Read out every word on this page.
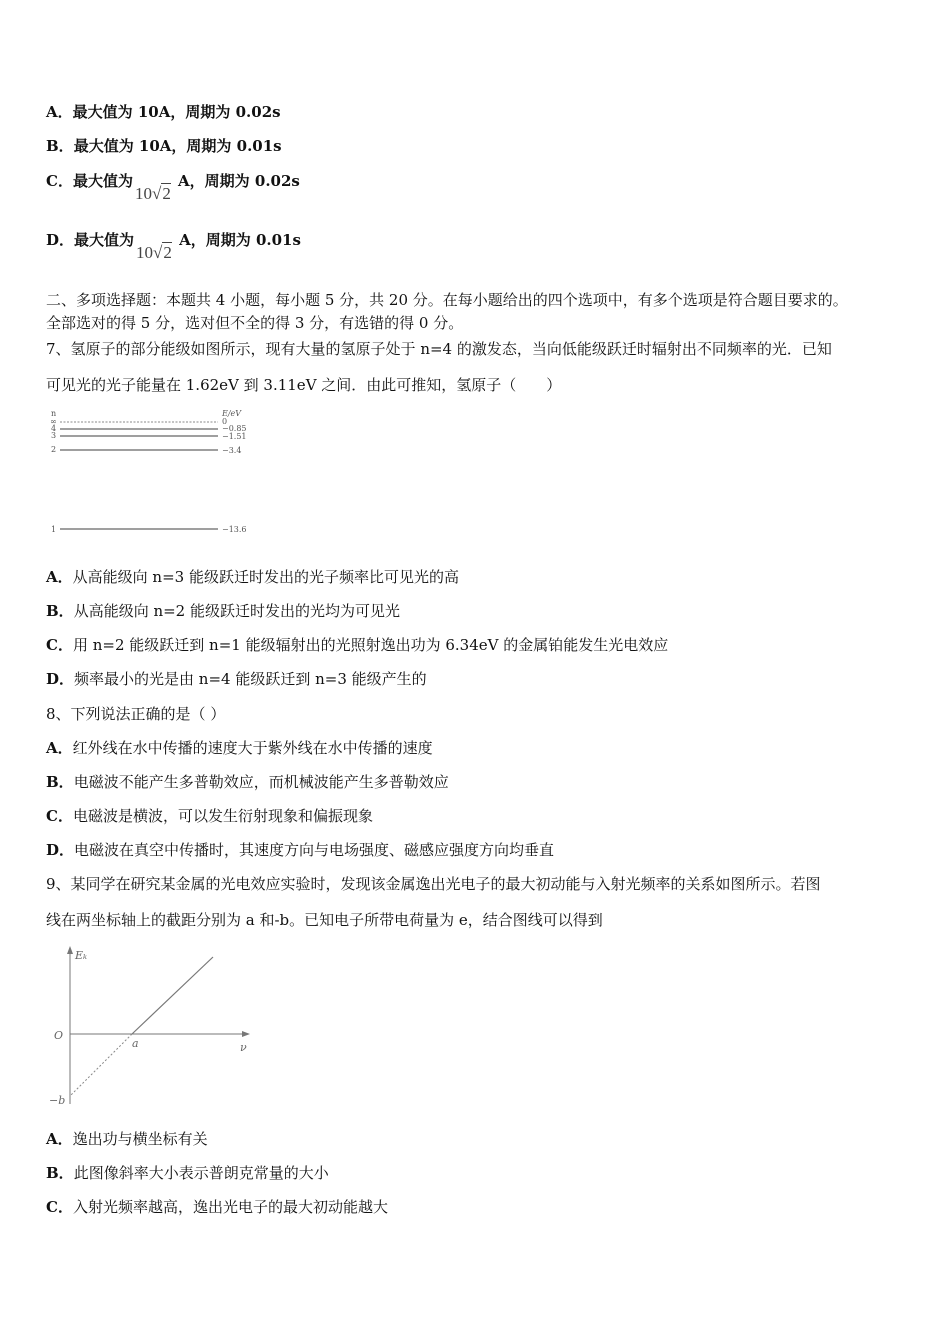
A．最大值为 10A，周期为 0.02s
B．最大值为 10A，周期为 0.01s
C．最大值为10√2 A，周期为 0.02s
D．最大值为10√2 A，周期为 0.01s
二、多项选择题：本题共 4 小题，每小题 5 分，共 20 分。在每小题给出的四个选项中，有多个选项是符合题目要求的。
全部选对的得 5 分，选对但不全的得 3 分，有选错的得 0 分。
7、氢原子的部分能级如图所示，现有大量的氢原子处于 n=4 的激发态，当向低能级跃迁时辐射出不同频率的光．已知
可见光的光子能量在 1.62eV 到 3.11eV 之间．由此可推知，氢原子（　　）
n	E/eV
∞	0
4	−0.85
3	−1.51
2	−3.4
1	−13.6
A．从高能级向 n=3 能级跃迁时发出的光子频率比可见光的高
B．从高能级向 n=2 能级跃迁时发出的光均为可见光
C．用 n=2 能级跃迁到 n=1 能级辐射出的光照射逸出功为 6.34eV 的金属铂能发生光电效应
D．频率最小的光是由 n=4 能级跃迁到 n=3 能级产生的
8、下列说法正确的是（ ）
A．红外线在水中传播的速度大于紫外线在水中传播的速度
B．电磁波不能产生多普勒效应，而机械波能产生多普勒效应
C．电磁波是横波，可以发生衍射现象和偏振现象
D．电磁波在真空中传播时，其速度方向与电场强度、磁感应强度方向均垂直
9、某同学在研究某金属的光电效应实验时，发现该金属逸出光电子的最大初动能与入射光频率的关系如图所示。若图
线在两坐标轴上的截距分别为 a 和-b。已知电子所带电荷量为 e，结合图线可以得到
Eₖ
O
ν
a
−b
A．逸出功与横坐标有关
B．此图像斜率大小表示普朗克常量的大小
C．入射光频率越高，逸出光电子的最大初动能越大
